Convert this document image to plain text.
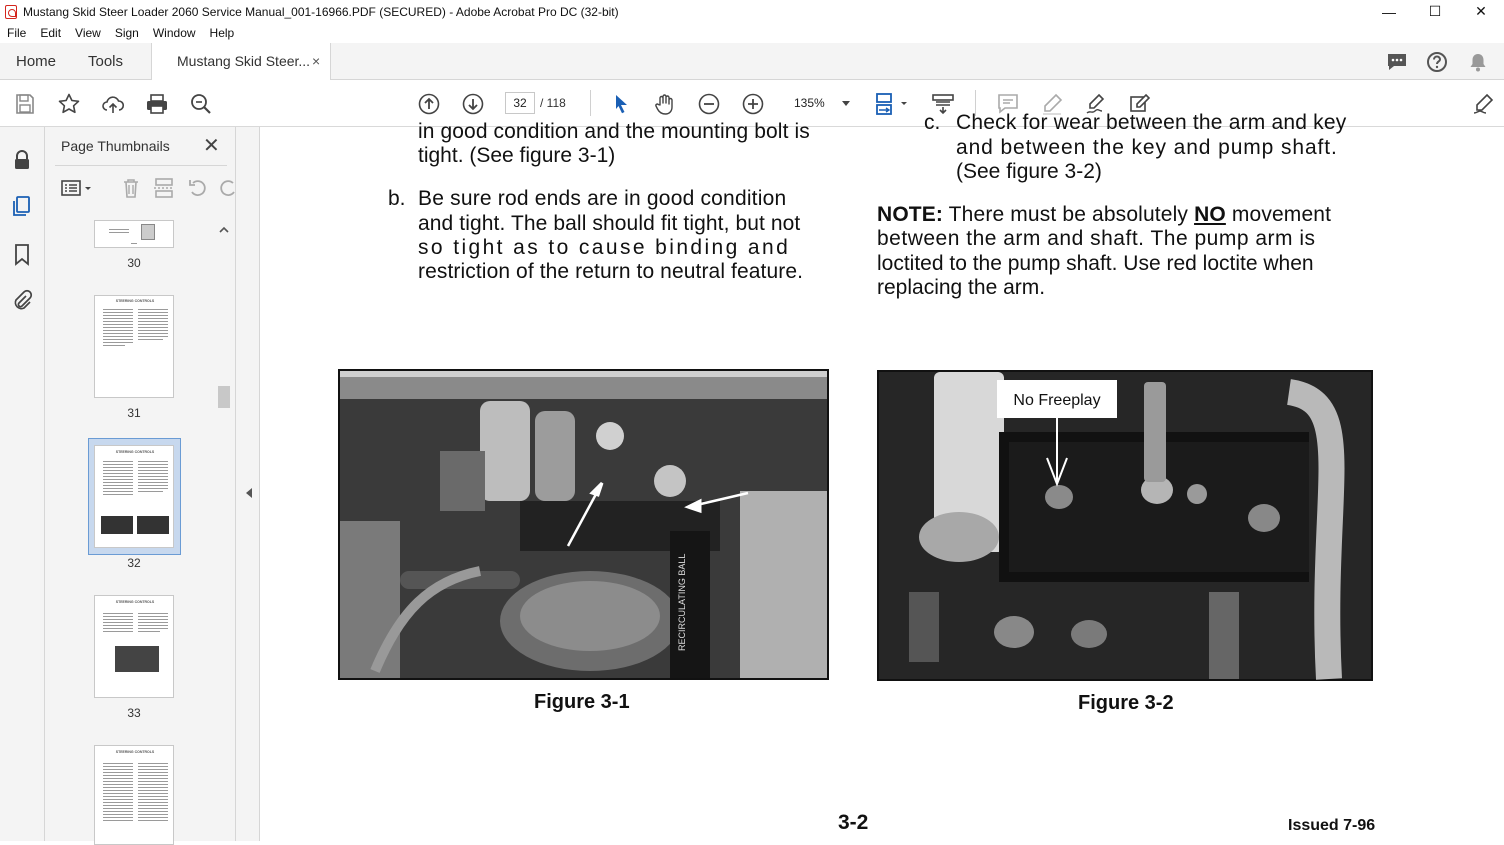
Mustang Skid Steer Loader 2060 Service Manual_001-16966.PDF (SECURED) - Adobe Acrobat Pro DC (32-bit)	—	☐	✕
File Edit View Sign Window Help
Home Tools	Mustang Skid Steer... ×
32	/ 118	135%
Page Thumbnails ✕
30
STEERING CONTROLS
31
STEERING CONTROLS
32
STEERING CONTROLS
33
STEERING CONTROLS
in good condition and the mounting bolt is
tight. (See figure 3-1)
b. Be sure rod ends are in good condition
and tight. The ball should fit tight, but not
so tight as to cause binding and
restriction of the return to neutral feature.
c. Check for wear between the arm and key
and between the key and pump shaft.
(See figure 3-2)
NOTE: There must be absolutely NO movement
between the arm and shaft. The pump arm is
loctited to the pump shaft. Use red loctite when
replacing the arm.
RECIRCULATING BALL
Figure 3-1
No Freeplay
Figure 3-2
3-2	Issued 7-96
